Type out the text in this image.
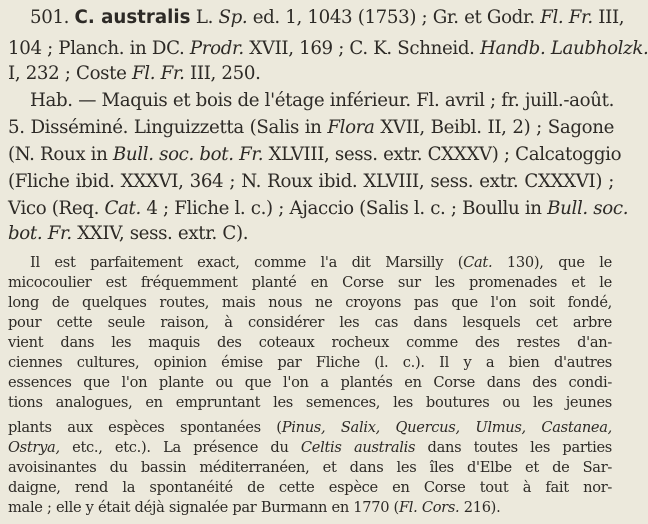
501. C. australis L. Sp. ed. 1, 1043 (1753) ; Gr. et Godr. Fl. Fr. III,

104 ; Planch. in DC. Prodr. XVII, 169 ; C. K. Schneid. Handb. Laubholzk.

I, 232 ; Coste Fl. Fr. III, 250.

Hab. — Maquis et bois de l'étage inférieur. Fl. avril ; fr. juill.-août.

5. Disséminé. Linguizzetta (Salis in Flora XVII, Beibl. II, 2) ; Sagone

(N. Roux in Bull. soc. bot. Fr. XLVIII, sess. extr. CXXXV) ; Calcatoggio

(Fliche ibid. XXXVI, 364 ; N. Roux ibid. XLVIII, sess. extr. CXXXVI) ;

Vico (Req. Cat. 4 ; Fliche l. c.) ; Ajaccio (Salis l. c. ; Boullu in Bull. soc.

bot. Fr. XXIV, sess. extr. C).

Il est parfaitement exact, comme l'a dit Marsilly (Cat. 130), que le

micocoulier est fréquemment planté en Corse sur les promenades et le

long de quelques routes, mais nous ne croyons pas que l'on soit fondé,

pour cette seule raison, à considérer les cas dans lesquels cet arbre

vient dans les maquis des coteaux rocheux comme des restes d'an-

ciennes cultures, opinion émise par Fliche (l. c.). Il y a bien d'autres

essences que l'on plante ou que l'on a plantés en Corse dans des condi-

tions analogues, en empruntant les semences, les boutures ou les jeunes

plants aux espèces spontanées (Pinus, Salix, Quercus, Ulmus, Castanea,

Ostrya, etc., etc.). La présence du Celtis australis dans toutes les parties

avoisinantes du bassin méditerranéen, et dans les îles d'Elbe et de Sar-

daigne, rend la spontanéité de cette espèce en Corse tout à fait nor-

male ; elle y était déjà signalée par Burmann en 1770 (Fl. Cors. 216).
